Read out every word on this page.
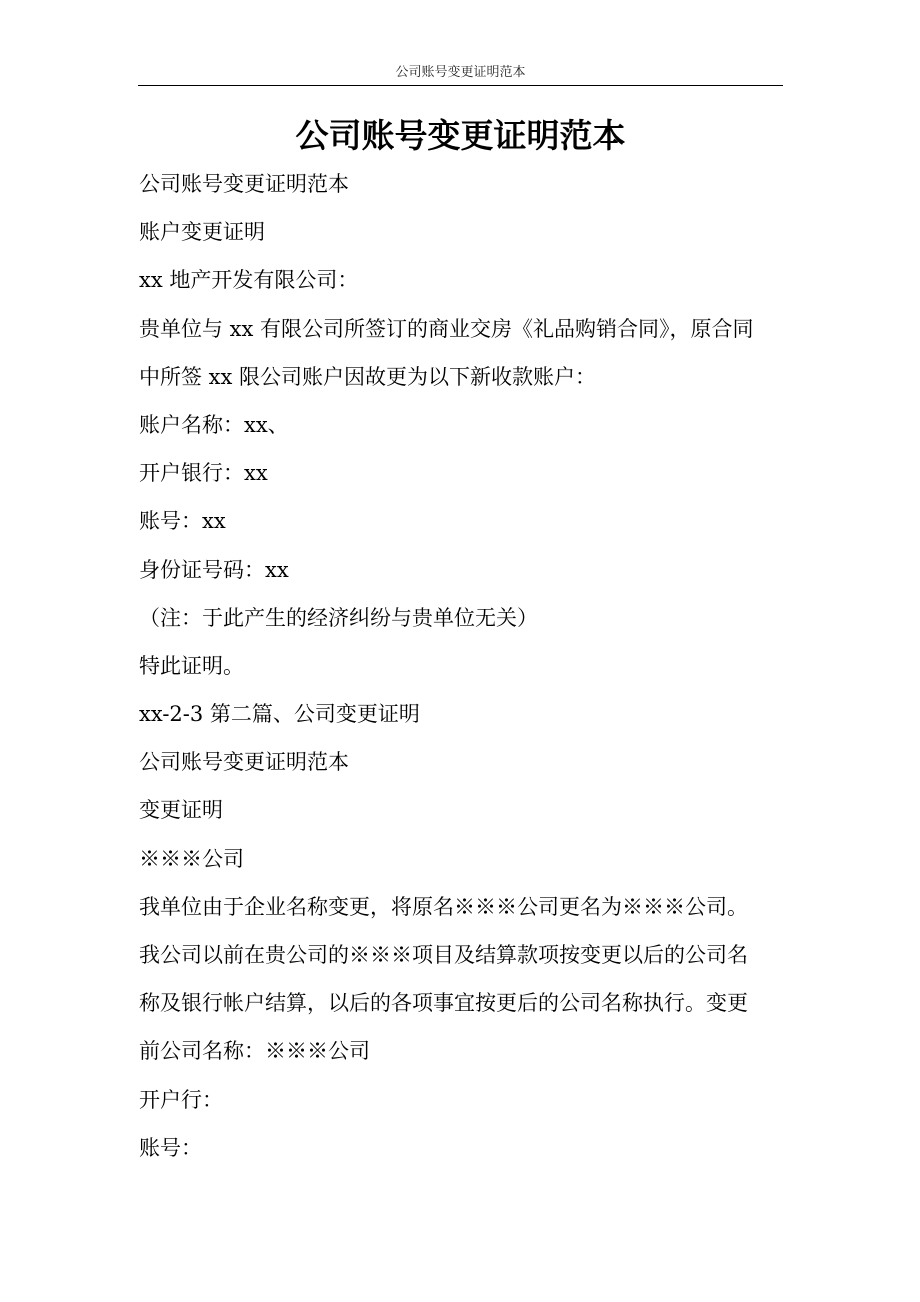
公司账号变更证明范本
公司账号变更证明范本

公司账号变更证明范本

账户变更证明

xx 地产开发有限公司：

贵单位与 xx 有限公司所签订的商业交房《礼品购销合同》，原合同

中所签 xx 限公司账户因故更为以下新收款账户：

账户名称：xx、

开户银行：xx

账号：xx

身份证号码：xx

（注：于此产生的经济纠纷与贵单位无关）

特此证明。

xx-2-3 第二篇、公司变更证明

公司账号变更证明范本

变更证明

※※※公司

我单位由于企业名称变更，将原名※※※公司更名为※※※公司。

我公司以前在贵公司的※※※项目及结算款项按变更以后的公司名

称及银行帐户结算，以后的各项事宜按更后的公司名称执行。变更

前公司名称：※※※公司

开户行：

账号：
